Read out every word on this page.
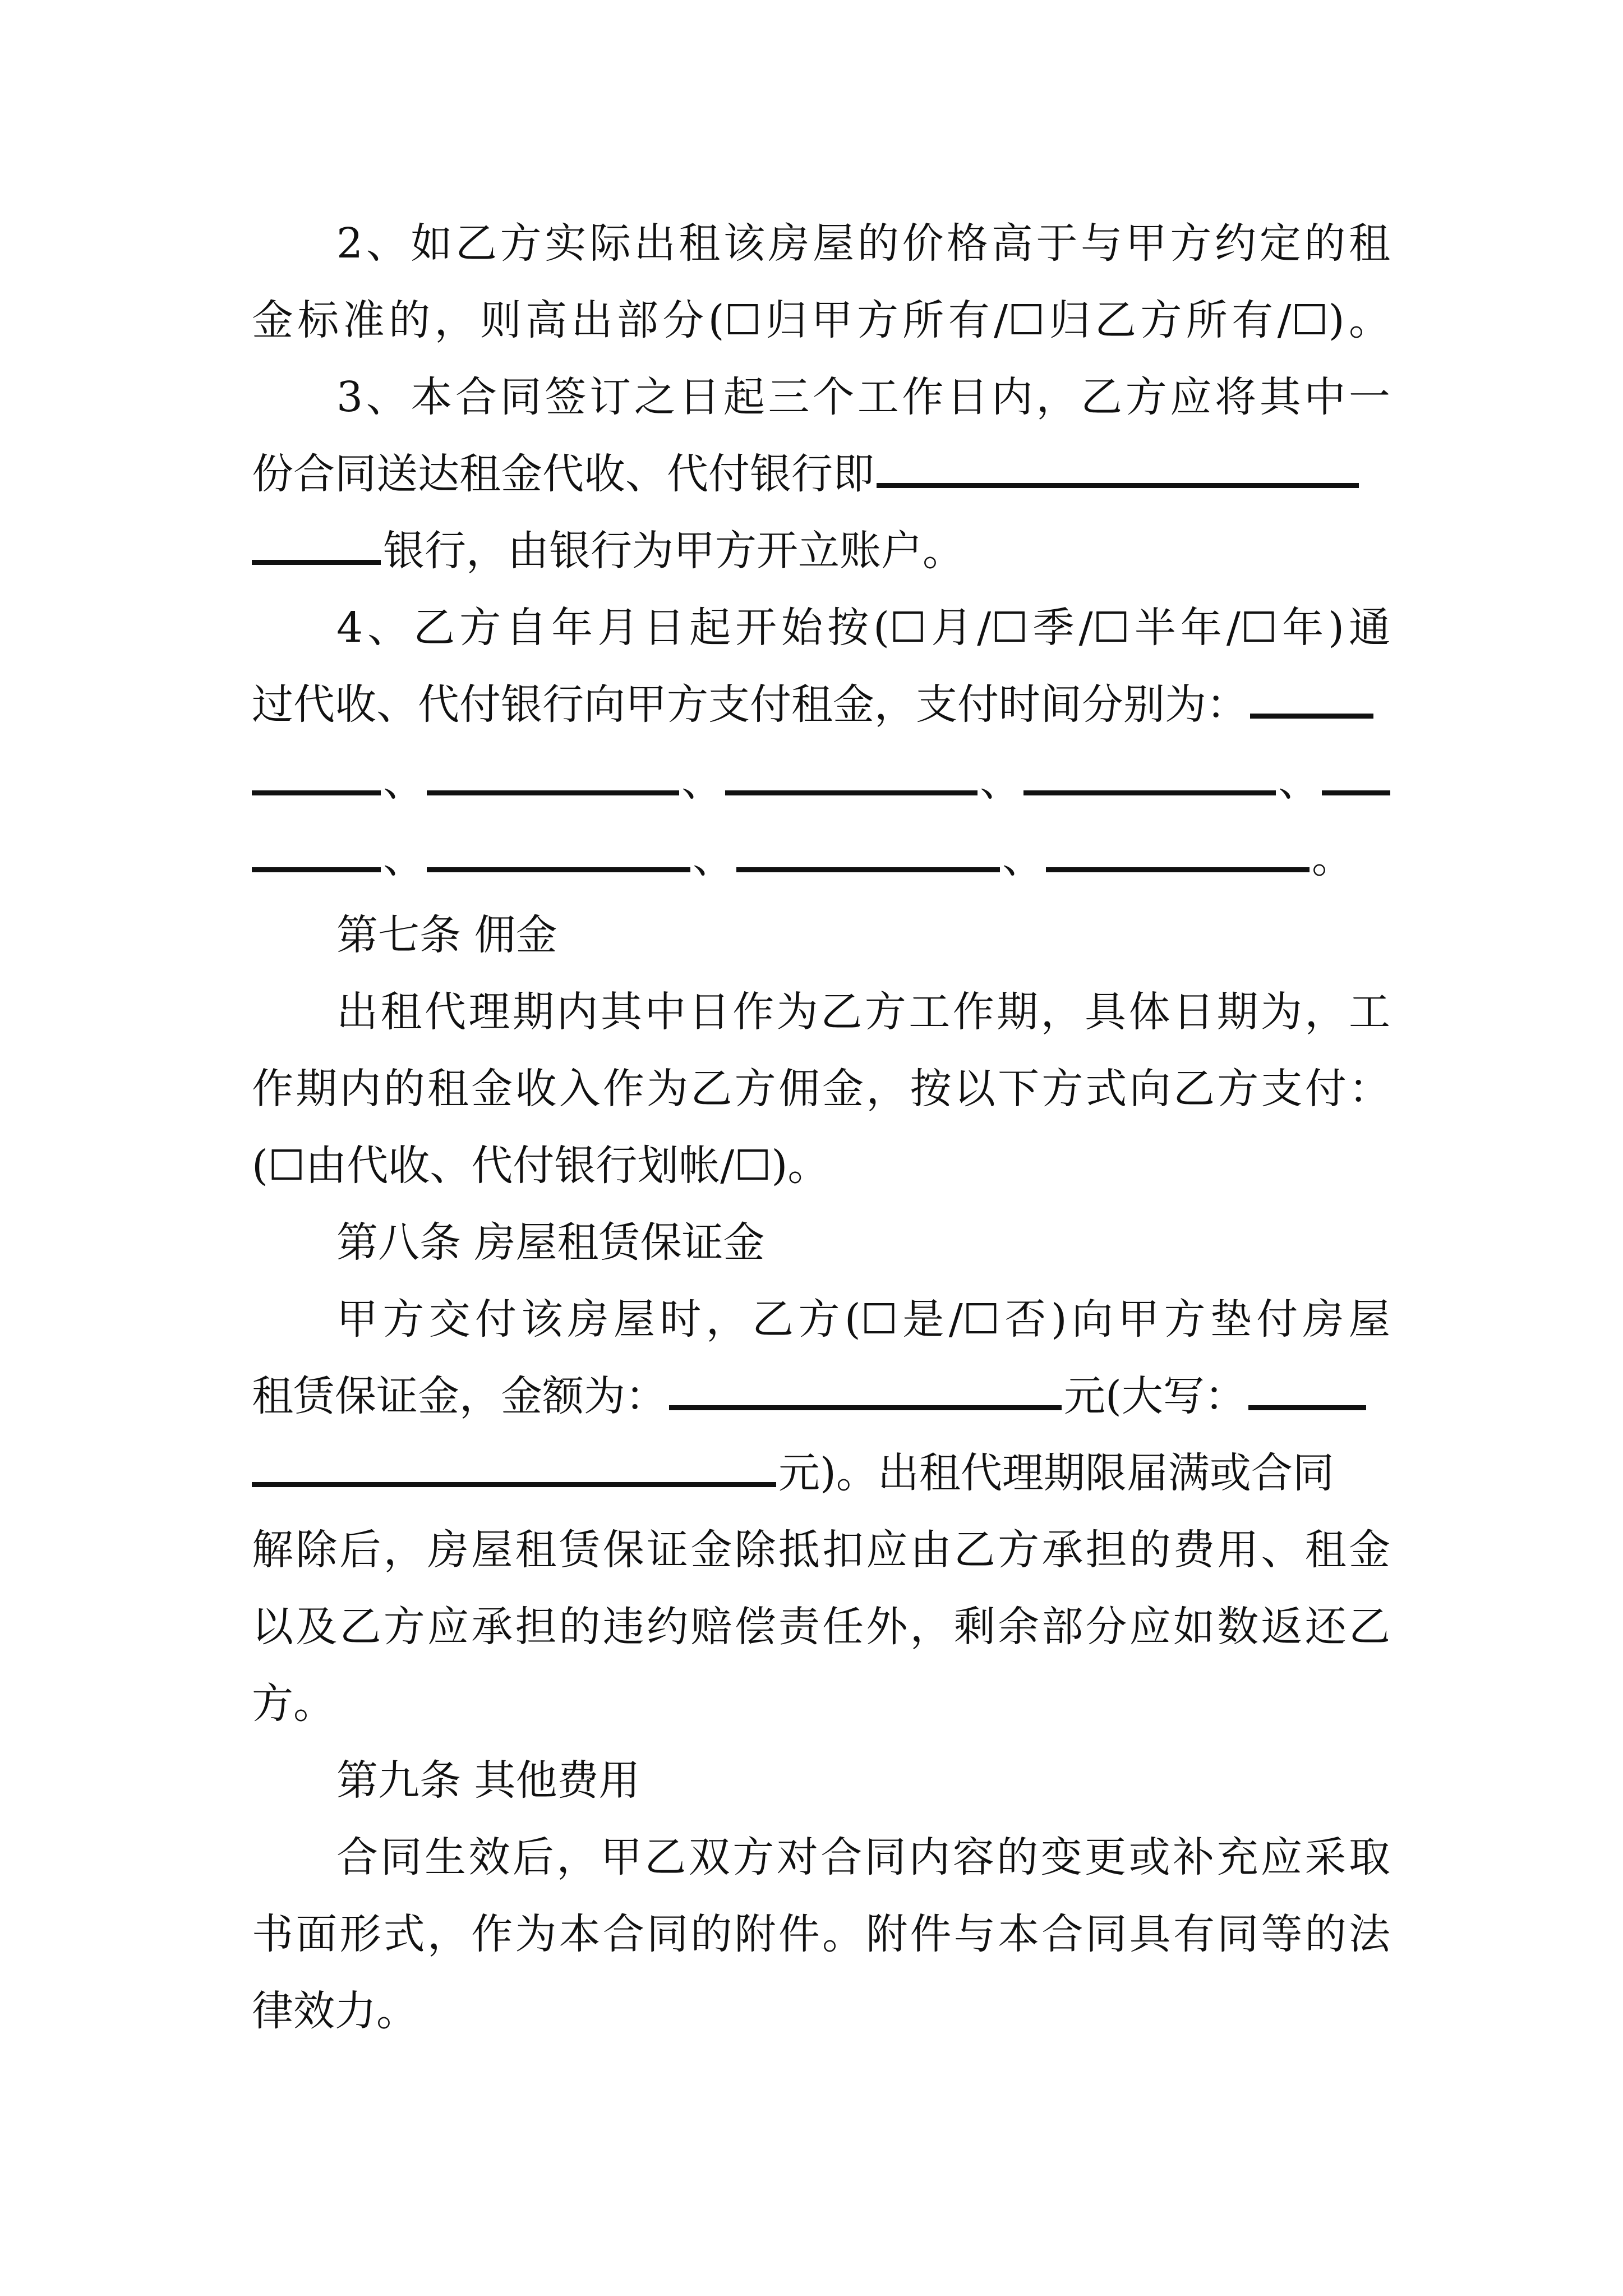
2、如乙方实际出租该房屋的价格高于与甲方约定的租
金标准的，则高出部分(☐归甲方所有/☐归乙方所有/☐)。
3、本合同签订之日起三个工作日内，乙方应将其中一
份合同送达租金代收、代付银行即
银行，由银行为甲方开立账户。
4、乙方自年月日起开始按(☐月/☐季/☐半年/☐年)通
过代收、代付银行向甲方支付租金，支付时间分别为：
、	、	、	、
、	、	、	。
第七条 佣金
出租代理期内其中日作为乙方工作期，具体日期为，工
作期内的租金收入作为乙方佣金，按以下方式向乙方支付：
(☐由代收、代付银行划帐/☐)。
第八条 房屋租赁保证金
甲方交付该房屋时，乙方(☐是/☐否)向甲方垫付房屋
租赁保证金，金额为：	元(大写：
元)。出租代理期限届满或合同
解除后，房屋租赁保证金除抵扣应由乙方承担的费用、租金
以及乙方应承担的违约赔偿责任外，剩余部分应如数返还乙
方。
第九条 其他费用
合同生效后，甲乙双方对合同内容的变更或补充应采取
书面形式，作为本合同的附件。附件与本合同具有同等的法
律效力。
